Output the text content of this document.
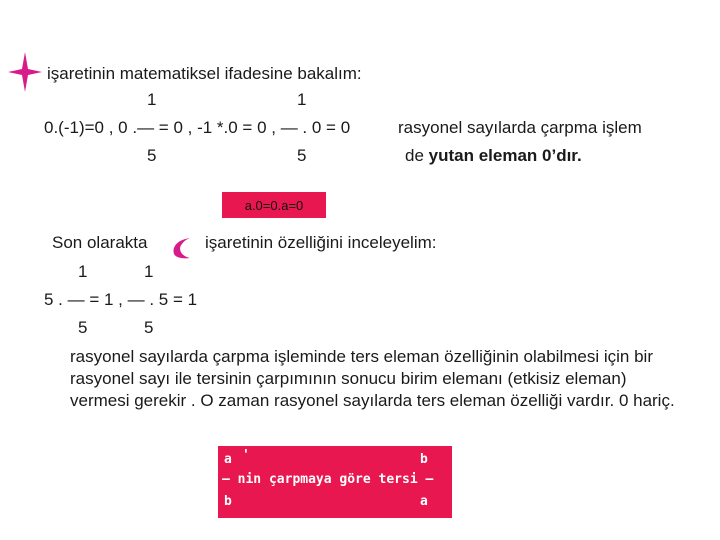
işaretinin matematiksel ifadesine bakalım:
1	1
0.(-1)=0 , 0 .— = 0 , -1 *.0 = 0 , — . 0 = 0
5	5
rasyonel sayılarda çarpma işlem
de yutan eleman 0’dır.
a.0=0.a=0
Son olarakta	işaretinin özelliğini inceleyelim:
1	1
5 . — = 1 , — . 5 = 1
5	5
rasyonel sayılarda çarpma işleminde ters eleman özelliğinin olabilmesi için bir rasyonel sayı ile tersinin çarpımının sonucu birim elemanı (etkisiz eleman) vermesi gerekir . O zaman rasyonel sayılarda ters eleman özelliği vardır. 0 hariç.
a '	b
— nin çarpmaya göre tersi —
b	a
